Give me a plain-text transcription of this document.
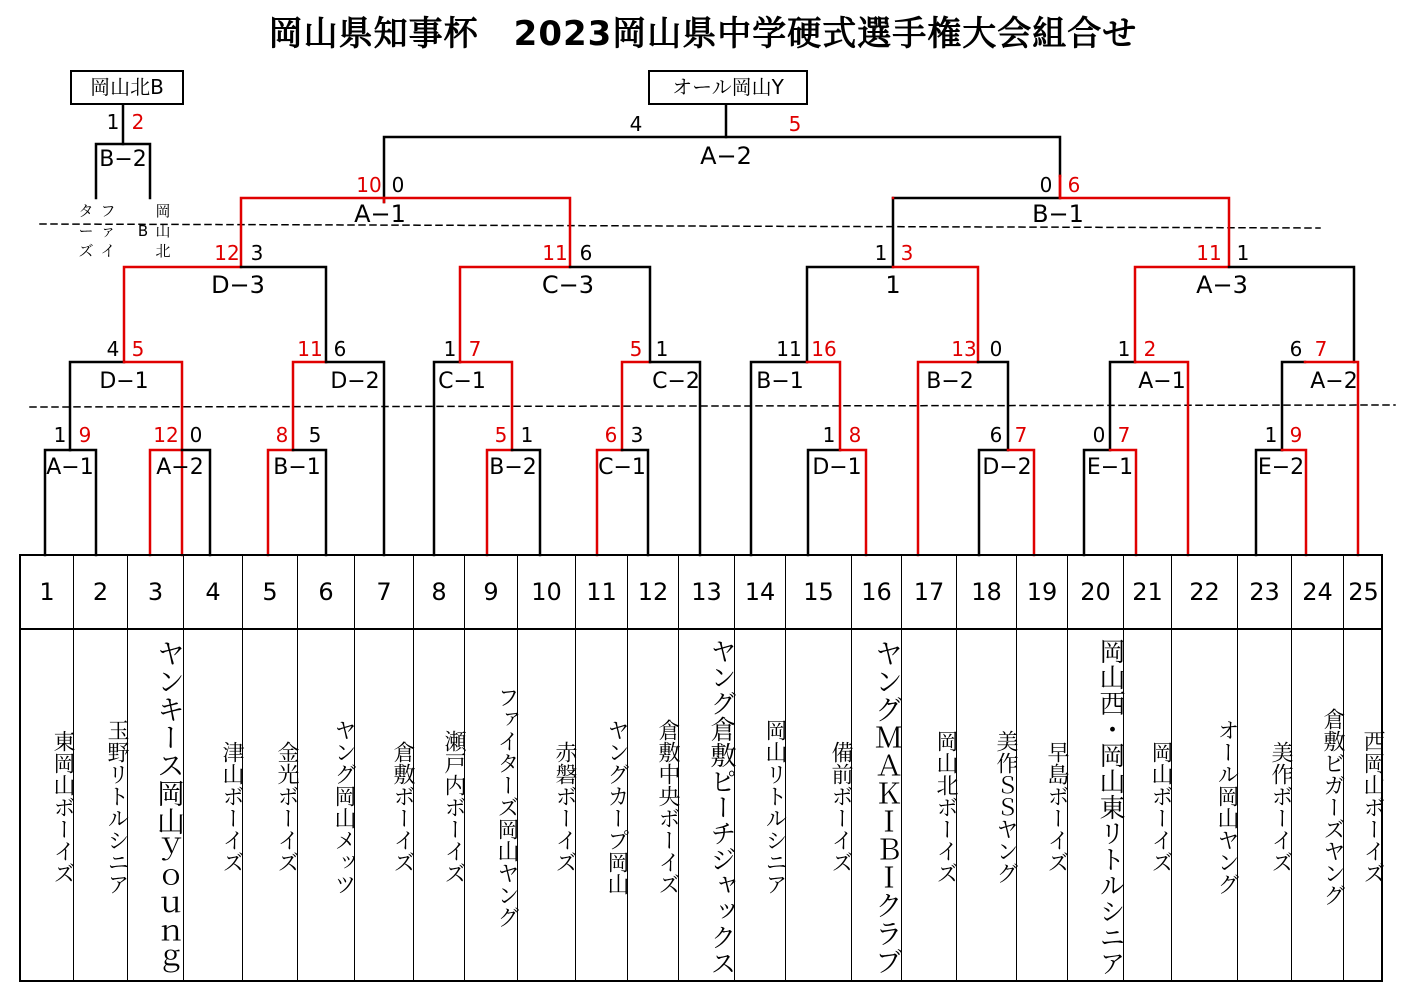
岡山県知事杯　2023岡山県中学硬式選手権大会組合せ
B−2
1 2
タ
ー
ズ
フ
ァ
イ
岡
山
北
B
A−2
4	5
A−1
10 0
B−1
0 6
D−3
12 3
C−3
11 6
1
1 3
A−3
11 1
D−1
4 5
D−2
11 6
C−1
1 7
C−2
5 1
B−1
11 16
B−2
13 0
A−1
1 2
A−2
6 7
A−1
1 9
A−2
12 0
B−1
8 5
B−2
5 1
C−1
6 3
D−1
1 8
D−2
6 7
E−1
0 7
E−2
1 9
岡山北B	オール岡山Y
1
東岡山ボーイズ
2
玉野リトルシニア
3
ヤンキース岡山ｙｏｕｎｇ
4
津山ボーイズ
5
金光ボーイズ
6
ヤング岡山メッツ
7
倉敷ボーイズ
8
瀬戸内ボーイズ
9
ファイターズ岡山ヤング
10
赤磐ボーイズ
11
ヤングカープ岡山
12
倉敷中央ボーイズ
13
ヤング倉敷ピーチジャックス
14
岡山リトルシニア
15
備前ボーイズ
16
ヤングＭＡＫＩＢＩクラブ
17
岡山北ボーイズ
18
美作ＳＳヤング
19
早島ボーイズ
20
岡山西・岡山東リトルシニア
21
岡山ボーイズ
22
オール岡山ヤング
23
美作ボーイズ
24
倉敷ビガーズヤング
25
西岡山ボーイズ
